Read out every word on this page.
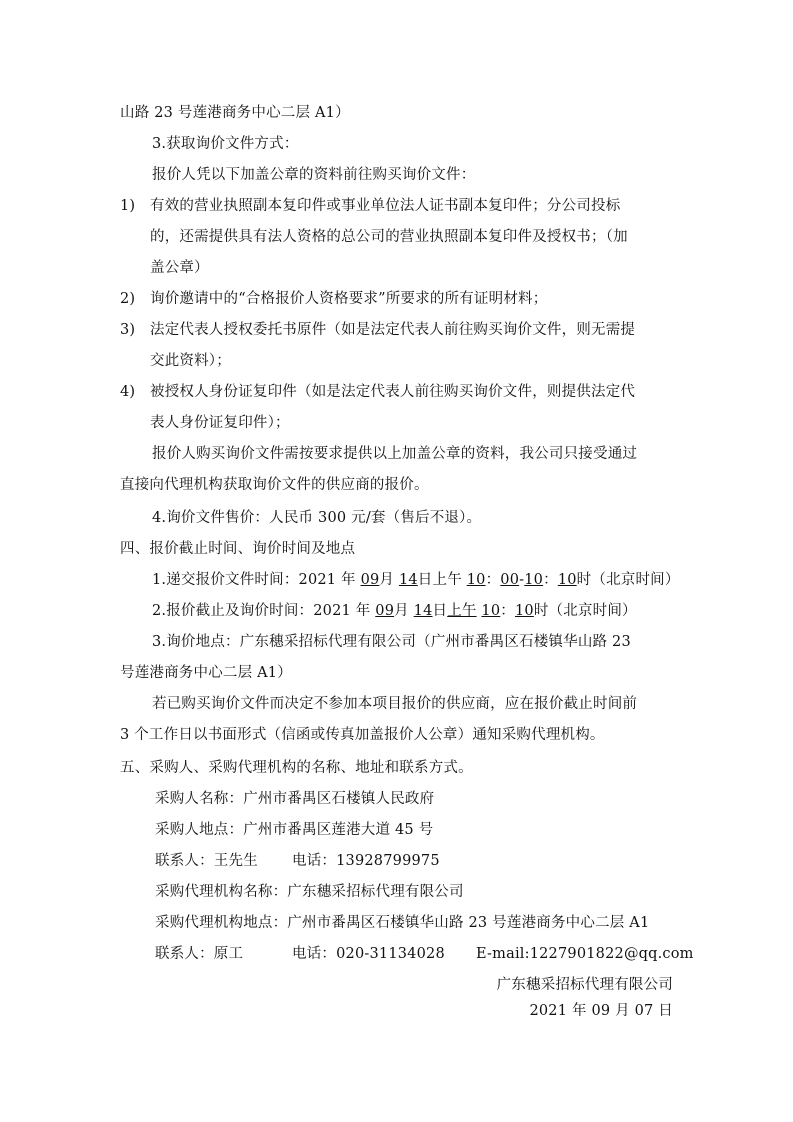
山路 23 号莲港商务中心二层 A1）
3.获取询价文件方式：
报价人凭以下加盖公章的资料前往购买询价文件：
1) 有效的营业执照副本复印件或事业单位法人证书副本复印件；分公司投标
的，还需提供具有法人资格的总公司的营业执照副本复印件及授权书；（加
盖公章）
2) 询价邀请中的“合格报价人资格要求”所要求的所有证明材料；
3) 法定代表人授权委托书原件（如是法定代表人前往购买询价文件，则无需提
交此资料）；
4) 被授权人身份证复印件（如是法定代表人前往购买询价文件，则提供法定代
表人身份证复印件）；
报价人购买询价文件需按要求提供以上加盖公章的资料，我公司只接受通过
直接向代理机构获取询价文件的供应商的报价。
4.询价文件售价：人民币 300 元/套（售后不退）。
四、报价截止时间、询价时间及地点
1.递交报价文件时间：2021 年 09月 14日上午 10：00-10：10时（北京时间）
2.报价截止及询价时间：2021 年 09月 14日上午 10：10时（北京时间）
3.询价地点：广东穗采招标代理有限公司（广州市番禺区石楼镇华山路 23
号莲港商务中心二层 A1）
若已购买询价文件而决定不参加本项目报价的供应商，应在报价截止时间前
3 个工作日以书面形式（信函或传真加盖报价人公章）通知采购代理机构。
五、采购人、采购代理机构的名称、地址和联系方式。
采购人名称：广州市番禺区石楼镇人民政府
采购人地点：广州市番禺区莲港大道 45 号
联系人：王先生 电话：13928799975
采购代理机构名称：广东穗采招标代理有限公司
采购代理机构地点：广州市番禺区石楼镇华山路 23 号莲港商务中心二层 A1
联系人：原工	电话：020-31134028 E-mail:1227901822@qq.com
广东穗采招标代理有限公司
2021 年 09 月 07 日
